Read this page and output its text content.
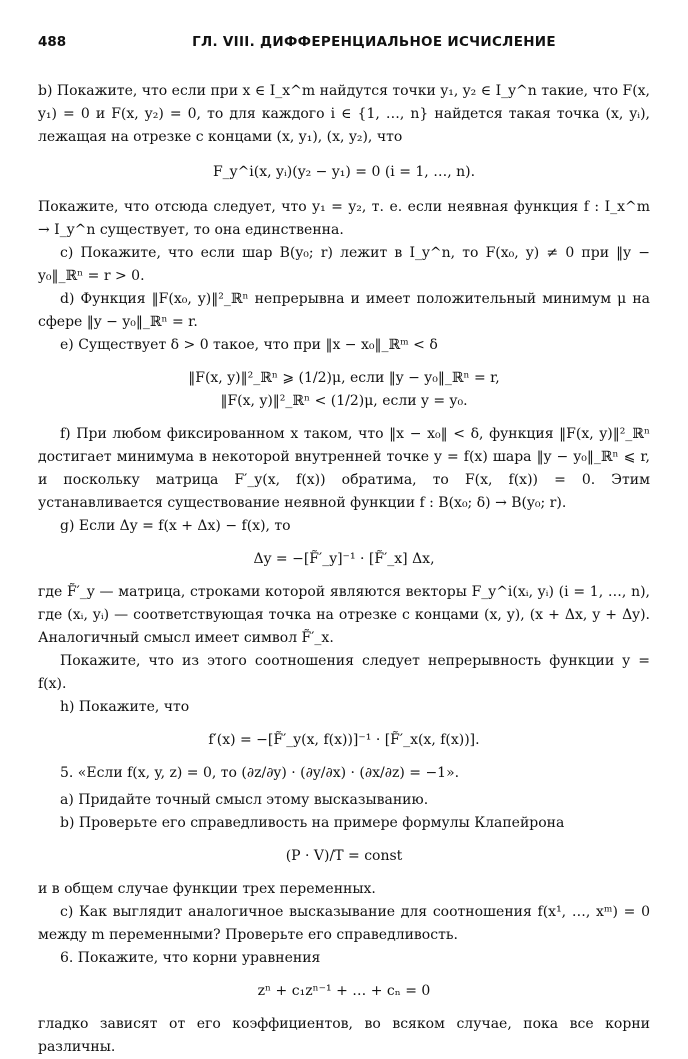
488	ГЛ. VIII. ДИФФЕРЕНЦИАЛЬНОЕ ИСЧИСЛЕНИЕ

b) Покажите, что если при x ∈ I_x^m найдутся точки y₁, y₂ ∈ I_y^n такие, что F(x, y₁) = 0 и F(x, y₂) = 0, то для каждого i ∈ {1, …, n} найдется такая точка (x, yᵢ), лежащая на отрезке с концами (x, y₁), (x, y₂), что

F_y^i(x, yᵢ)(y₂ − y₁) = 0 (i = 1, …, n).

Покажите, что отсюда следует, что y₁ = y₂, т. е. если неявная функция f : I_x^m → I_y^n существует, то она единственна.

c) Покажите, что если шар B(y₀; r) лежит в I_y^n, то F(x₀, y) ≠ 0 при ‖y − y₀‖_ℝⁿ = r > 0.

d) Функция ‖F(x₀, y)‖²_ℝⁿ непрерывна и имеет положительный минимум μ на сфере ‖y − y₀‖_ℝⁿ = r.

e) Существует δ > 0 такое, что при ‖x − x₀‖_ℝᵐ < δ

‖F(x, y)‖²_ℝⁿ ⩾ (1/2)μ, если ‖y − y₀‖_ℝⁿ = r,

‖F(x, y)‖²_ℝⁿ < (1/2)μ, если y = y₀.

f) При любом фиксированном x таком, что ‖x − x₀‖ < δ, функция ‖F(x, y)‖²_ℝⁿ достигает минимума в некоторой внутренней точке y = f(x) шара ‖y − y₀‖_ℝⁿ ⩽ r, и поскольку матрица F′_y(x, f(x)) обратима, то F(x, f(x)) = 0. Этим устанавливается существование неявной функции f : B(x₀; δ) → B(y₀; r).

g) Если Δy = f(x + Δx) − f(x), то

Δy = −[F̃′_y]⁻¹ · [F̃′_x] Δx,

где F̃′_y — матрица, строками которой являются векторы F_y^i(xᵢ, yᵢ) (i = 1, …, n), где (xᵢ, yᵢ) — соответствующая точка на отрезке с концами (x, y), (x + Δx, y + Δy). Аналогичный смысл имеет символ F̃′_x.

Покажите, что из этого соотношения следует непрерывность функции y = f(x).

h) Покажите, что

f′(x) = −[F̃′_y(x, f(x))]⁻¹ · [F̃′_x(x, f(x))].

5. «Если f(x, y, z) = 0, то (∂z/∂y) · (∂y/∂x) · (∂x/∂z) = −1».

a) Придайте точный смысл этому высказыванию.

b) Проверьте его справедливость на примере формулы Клапейрона

(P · V)/T = const

и в общем случае функции трех переменных.

c) Как выглядит аналогичное высказывание для соотношения f(x¹, …, xᵐ) = 0 между m переменными? Проверьте его справедливость.

6. Покажите, что корни уравнения

zⁿ + c₁zⁿ⁻¹ + … + cₙ = 0

гладко зависят от его коэффициентов, во всяком случае, пока все корни различны.
